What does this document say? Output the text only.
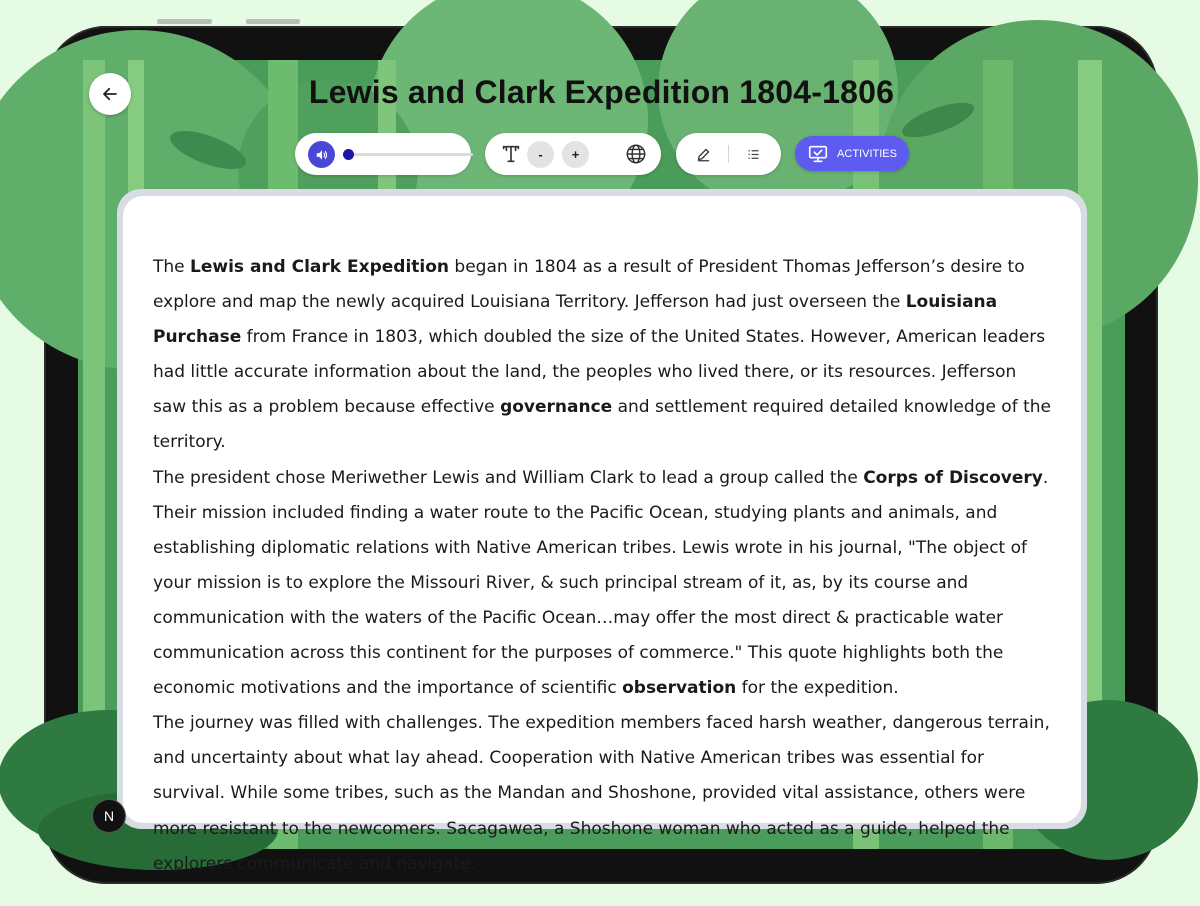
Lewis and Clark Expedition 1804-1806
-	+	ACTIVITIES

The Lewis and Clark Expedition began in 1804 as a result of President Thomas Jefferson’s desire to explore and map the newly acquired Louisiana Territory. Jefferson had just overseen the Louisiana Purchase from France in 1803, which doubled the size of the United States. However, American leaders had little accurate information about the land, the peoples who lived there, or its resources. Jefferson saw this as a problem because effective governance and settlement required detailed knowledge of the territory.

The president chose Meriwether Lewis and William Clark to lead a group called the Corps of Discovery. Their mission included finding a water route to the Pacific Ocean, studying plants and animals, and establishing diplomatic relations with Native American tribes. Lewis wrote in his journal, "The object of your mission is to explore the Missouri River, & such principal stream of it, as, by its course and communication with the waters of the Pacific Ocean…may offer the most direct & practicable water communication across this continent for the purposes of commerce." This quote highlights both the economic motivations and the importance of scientific observation for the expedition.

The journey was filled with challenges. The expedition members faced harsh weather, dangerous terrain, and uncertainty about what lay ahead. Cooperation with Native American tribes was essential for survival. While some tribes, such as the Mandan and Shoshone, provided vital assistance, others were more resistant to the newcomers. Sacagawea, a Shoshone woman who acted as a guide, helped the explorers communicate and navigate.

N
